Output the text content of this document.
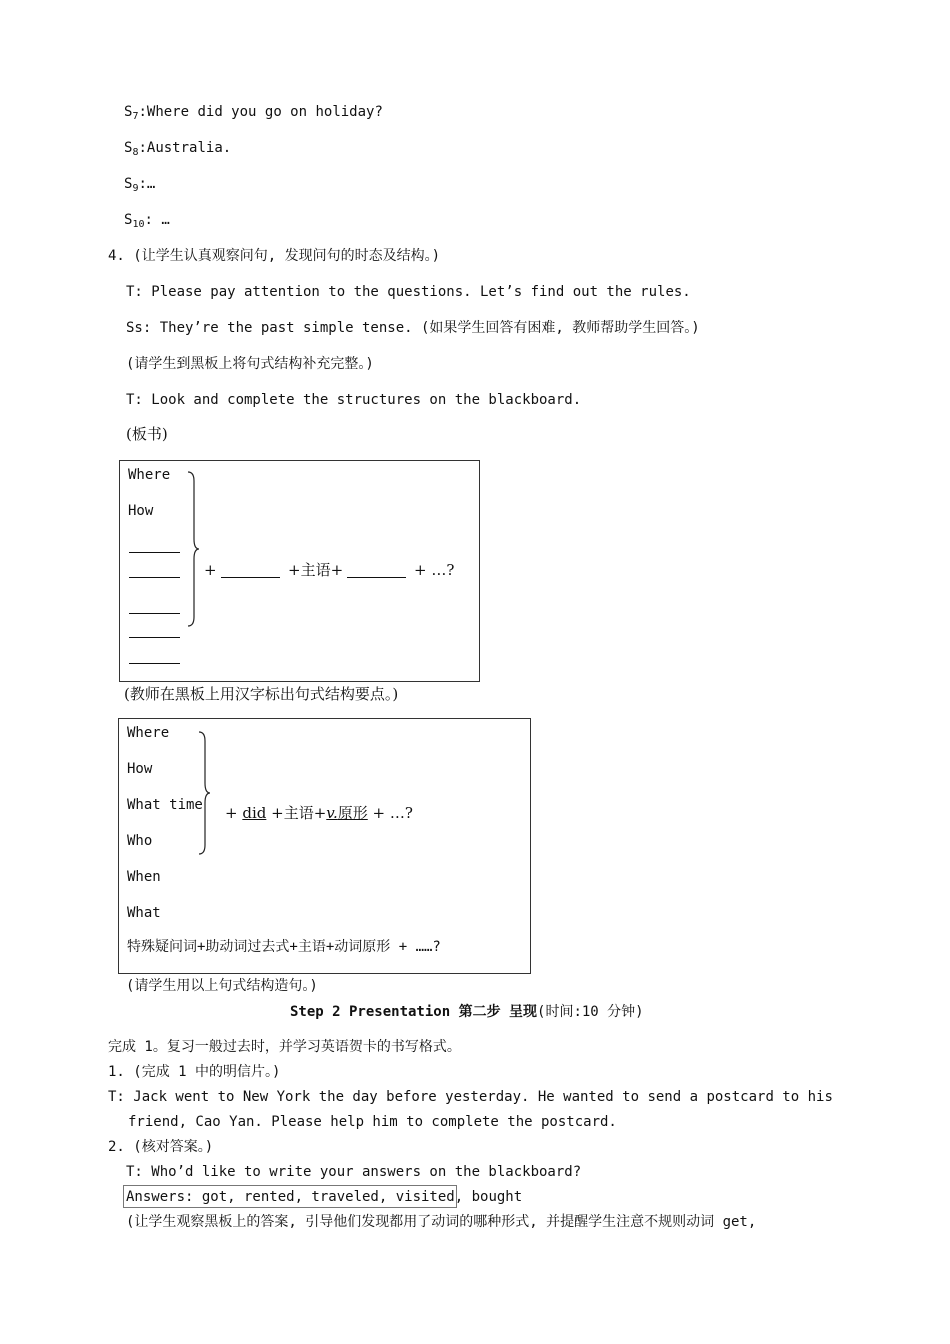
$S_7:Where$ did you go on holiday?
$S_8:Australia$.
$S_9:\dots$
$S_{10}$: …
4. (让学生认真观察问句, 发现问句的时态及结构。)
T: Please pay attention to the questions. Let’s find out the rules.
Ss: They’re the past simple tense. (如果学生回答有困难, 教师帮助学生回答。)
(请学生到黑板上将句式结构补充完整。)
T: Look and complete the structures on the blackboard.
(板书)
Where
How
+	+主语+	+ …?
(教师在黑板上用汉字标出句式结构要点。)
Where
How
What time
Who
When
What
+ did +主语+v.原形 + …?
特殊疑问词+助动词过去式+主语+动词原形 + ……?
(请学生用以上句式结构造句。)
Step 2 Presentation 第二步 呈现(时间:10 分钟)
完成 1。复习一般过去时，并学习英语贺卡的书写格式。
1. (完成 1 中的明信片。)
T: Jack went to New York the day before yesterday. He wanted to send a postcard to his
friend, Cao Yan. Please help him to complete the postcard.
2. (核对答案。)
T: Who’d like to write your answers on the blackboard?
Answers: got, rented, traveled, visited, bought
(让学生观察黑板上的答案, 引导他们发现都用了动词的哪种形式, 并提醒学生注意不规则动词 get,
